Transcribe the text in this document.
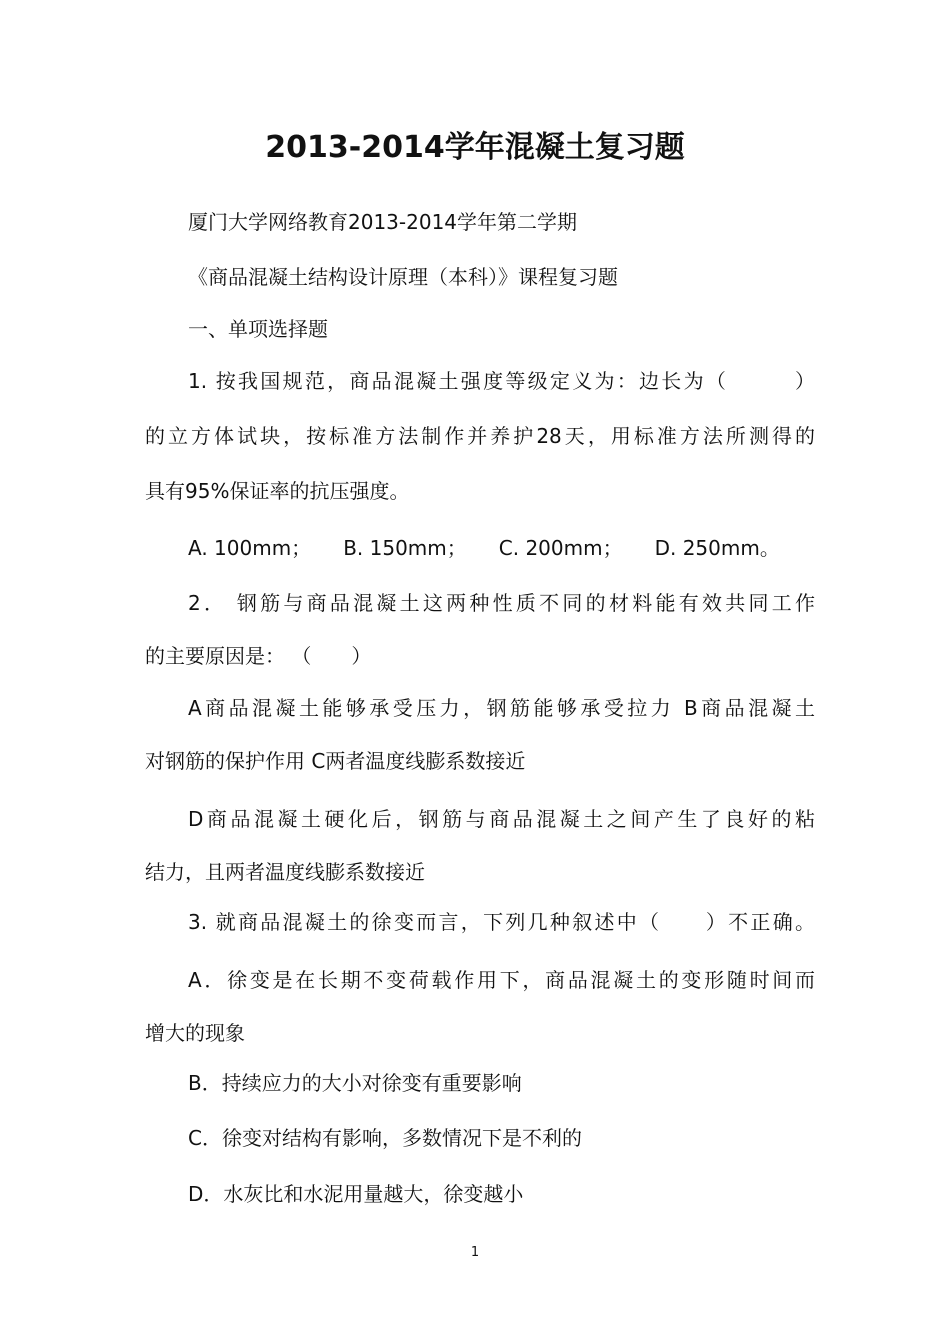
2013-2014学年混凝土复习题
厦门大学网络教育2013-2014学年第二学期
《商品混凝土结构设计原理（本科）》课程复习题
一、单项选择题
1. 按我国规范，商品混凝土强度等级定义为：边长为（　　　）
的立方体试块，按标准方法制作并养护28天，用标准方法所测得的
具有95%保证率的抗压强度。
A. 100mm； B. 150mm； C. 200mm； D. 250mm。
2． 钢筋与商品混凝土这两种性质不同的材料能有效共同工作
的主要原因是： （　　）
A商品混凝土能够承受压力，钢筋能够承受拉力 B商品混凝土
对钢筋的保护作用 C两者温度线膨系数接近
D商品混凝土硬化后，钢筋与商品混凝土之间产生了良好的粘
结力，且两者温度线膨系数接近
3. 就商品混凝土的徐变而言，下列几种叙述中（　　）不正确。
A．徐变是在长期不变荷载作用下，商品混凝土的变形随时间而
增大的现象
B．持续应力的大小对徐变有重要影响
C．徐变对结构有影响，多数情况下是不利的
D．水灰比和水泥用量越大，徐变越小
1
